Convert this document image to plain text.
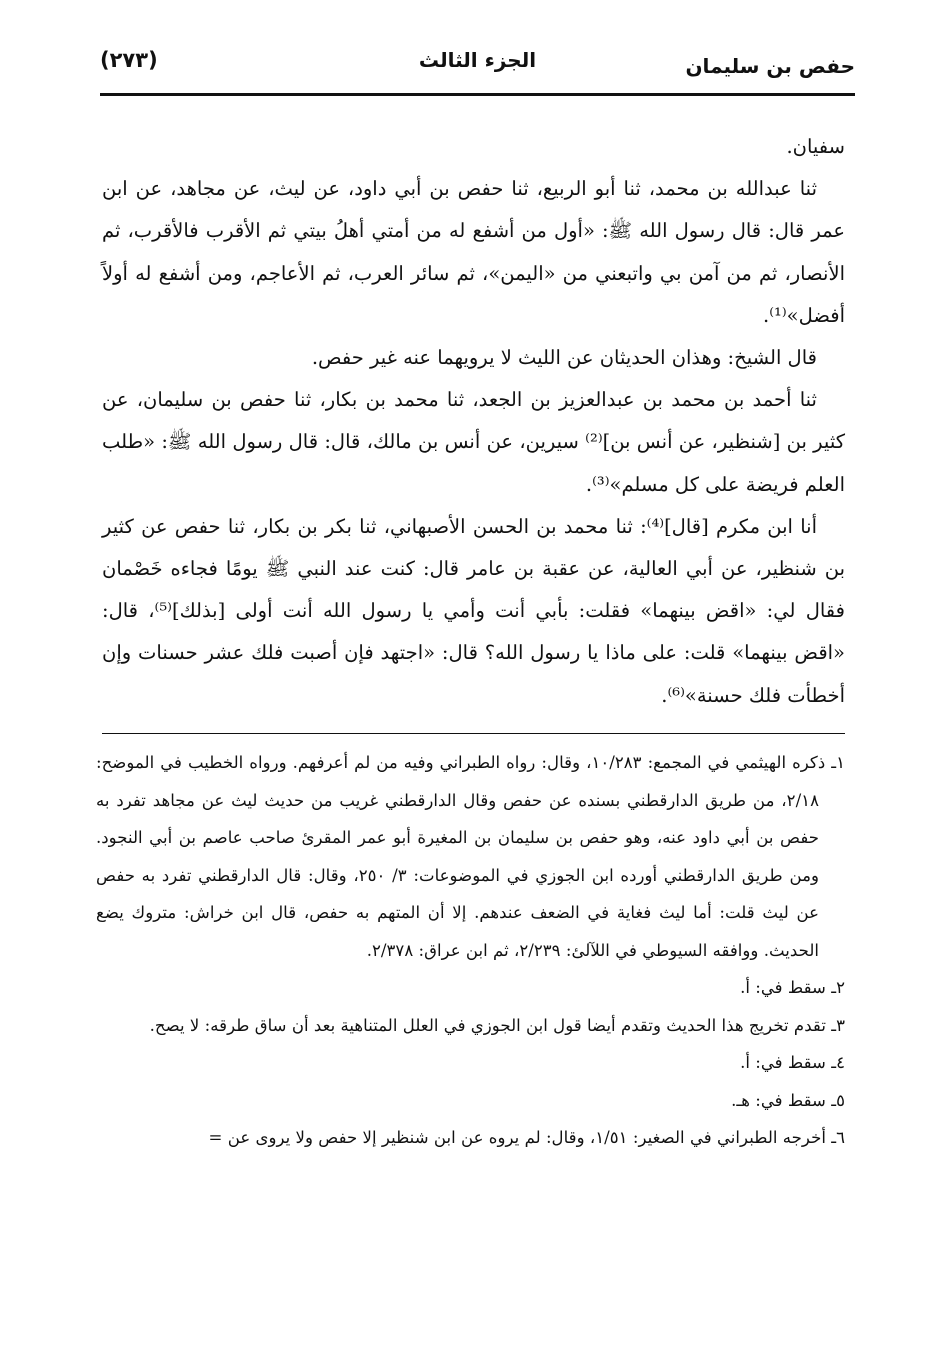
حفص بن سليمان
الجزء الثالث
(٢٧٣)

سفيان.

ثنا عبدالله بن محمد، ثنا أبو الربيع، ثنا حفص بن أبي داود، عن ليث، عن مجاهد، عن ابن عمر قال: قال رسول الله ﷺ: «أول من أشفع له من أمتي أهلُ بيتي ثم الأقرب فالأقرب، ثم الأنصار، ثم من آمن بي واتبعني من «اليمن»، ثم سائر العرب، ثم الأعاجم، ومن أشفع له أولاً أفضل»⁽¹⁾.

قال الشيخ: وهذان الحديثان عن الليث لا يرويهما عنه غير حفص.

ثنا أحمد بن محمد بن عبدالعزيز بن الجعد، ثنا محمد بن بكار، ثنا حفص بن سليمان، عن كثير بن [شنظير، عن أنس بن]⁽²⁾ سيرين، عن أنس بن مالك، قال: قال رسول الله ﷺ: «طلب العلم فريضة على كل مسلم»⁽³⁾.

أنا ابن مكرم [قال]⁽⁴⁾: ثنا محمد بن الحسن الأصبهاني، ثنا بكر بن بكار، ثنا حفص عن كثير بن شنظير، عن أبي العالية، عن عقبة بن عامر قال: كنت عند النبي ﷺ يومًا فجاءه خَصْمان فقال لي: «اقض بينهما» فقلت: بأبي أنت وأمي يا رسول الله أنت أولى [بذلك]⁽⁵⁾، قال: «اقض بينهما» قلت: على ماذا يا رسول الله؟ قال: «اجتهد فإن أصبت فلك عشر حسنات وإن أخطأت فلك حسنة»⁽⁶⁾.

١ـ ذكره الهيثمي في المجمع: ١٠/٢٨٣، وقال: رواه الطبراني وفيه من لم أعرفهم. ورواه الخطيب في الموضح: ٢/١٨، من طريق الدارقطني بسنده عن حفص وقال الدارقطني غريب من حديث ليث عن مجاهد تفرد به حفص بن أبي داود عنه، وهو حفص بن سليمان بن المغيرة أبو عمر المقرئ صاحب عاصم بن أبي النجود. ومن طريق الدارقطني أورده ابن الجوزي في الموضوعات: ٣/ ٢٥٠، وقال: قال الدارقطني تفرد به حفص عن ليث قلت: أما ليث فغاية في الضعف عندهم. إلا أن المتهم به حفص، قال ابن خراش: متروك يضع الحديث. ووافقه السيوطي في اللآلئ: ٢/٢٣٩، ثم ابن عراق: ٢/٣٧٨.

٢ـ سقط في: أ.

٣ـ تقدم تخريج هذا الحديث وتقدم أيضا قول ابن الجوزي في العلل المتناهية بعد أن ساق طرقه: لا يصح.

٤ـ سقط في: أ.

٥ـ سقط في: هـ.

٦ـ أخرجه الطبراني في الصغير: ١/٥١، وقال: لم يروه عن ابن شنظير إلا حفص ولا يروى عن =
